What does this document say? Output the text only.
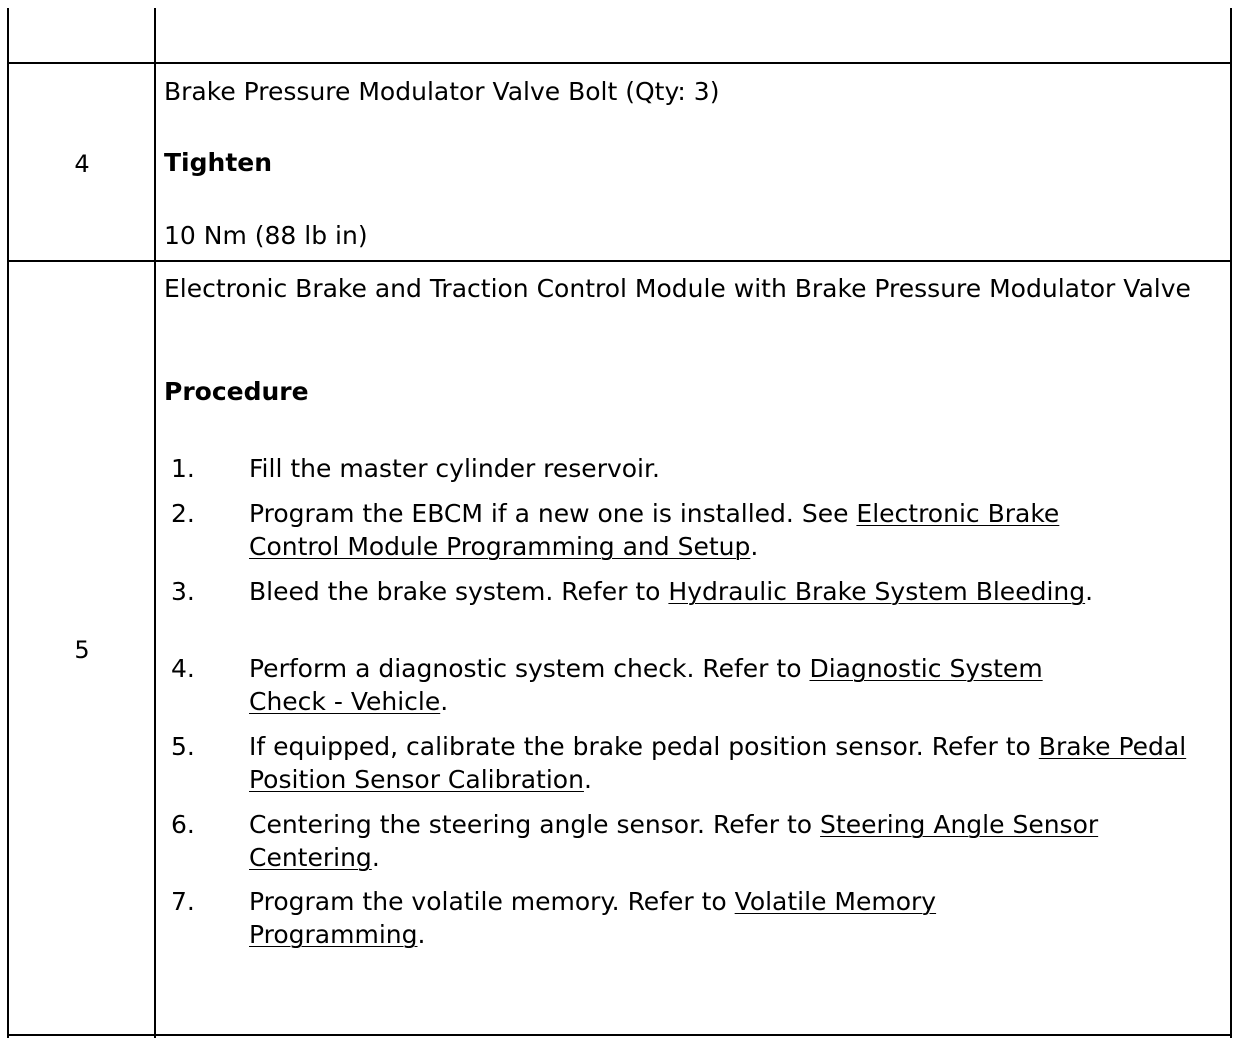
4
Brake Pressure Modulator Valve Bolt (Qty: 3)
Tighten
10 Nm (88 lb in)
5
Electronic Brake and Traction Control Module with Brake Pressure Modulator Valve
Procedure
1. Fill the master cylinder reservoir.
2. Program the EBCM if a new one is installed. See Electronic Brake Control Module Programming and Setup.
3. Bleed the brake system. Refer to Hydraulic Brake System Bleeding.
4. Perform a diagnostic system check. Refer to Diagnostic System Check - Vehicle.
5. If equipped, calibrate the brake pedal position sensor. Refer to Brake Pedal Position Sensor Calibration.
6. Centering the steering angle sensor. Refer to Steering Angle Sensor Centering.
7. Program the volatile memory. Refer to Volatile Memory Programming.
